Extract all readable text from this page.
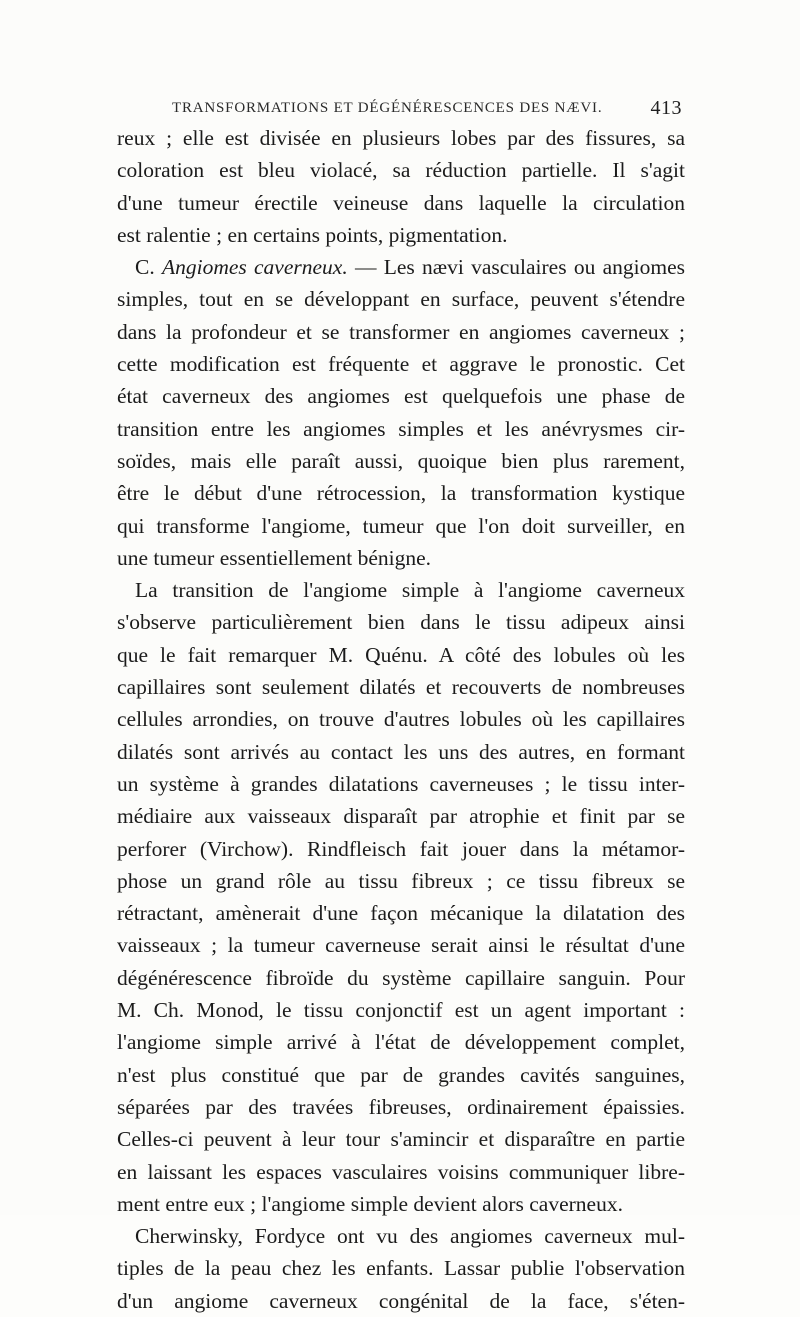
TRANSFORMATIONS ET DÉGÉNÉRESCENCES DES NÆVI. 413
reux ; elle est divisée en plusieurs lobes par des fissures, sa
coloration est bleu violacé, sa réduction partielle. Il s'agit
d'une tumeur érectile veineuse dans laquelle la circulation
est ralentie ; en certains points, pigmentation.
C. Angiomes caverneux. — Les nævi vasculaires ou angiomes
simples, tout en se développant en surface, peuvent s'étendre
dans la profondeur et se transformer en angiomes caverneux ;
cette modification est fréquente et aggrave le pronostic. Cet
état caverneux des angiomes est quelquefois une phase de
transition entre les angiomes simples et les anévrysmes cir-
soïdes, mais elle paraît aussi, quoique bien plus rarement,
être le début d'une rétrocession, la transformation kystique
qui transforme l'angiome, tumeur que l'on doit surveiller, en
une tumeur essentiellement bénigne.
La transition de l'angiome simple à l'angiome caverneux
s'observe particulièrement bien dans le tissu adipeux ainsi
que le fait remarquer M. Quénu. A côté des lobules où les
capillaires sont seulement dilatés et recouverts de nombreuses
cellules arrondies, on trouve d'autres lobules où les capillaires
dilatés sont arrivés au contact les uns des autres, en formant
un système à grandes dilatations caverneuses ; le tissu inter-
médiaire aux vaisseaux disparaît par atrophie et finit par se
perforer (Virchow). Rindfleisch fait jouer dans la métamor-
phose un grand rôle au tissu fibreux ; ce tissu fibreux se
rétractant, amènerait d'une façon mécanique la dilatation des
vaisseaux ; la tumeur caverneuse serait ainsi le résultat d'une
dégénérescence fibroïde du système capillaire sanguin. Pour
M. Ch. Monod, le tissu conjonctif est un agent important :
l'angiome simple arrivé à l'état de développement complet,
n'est plus constitué que par de grandes cavités sanguines,
séparées par des travées fibreuses, ordinairement épaissies.
Celles-ci peuvent à leur tour s'amincir et disparaître en partie
en laissant les espaces vasculaires voisins communiquer libre-
ment entre eux ; l'angiome simple devient alors caverneux.
Cherwinsky, Fordyce ont vu des angiomes caverneux mul-
tiples de la peau chez les enfants. Lassar publie l'observation
d'un angiome caverneux congénital de la face, s'éten-
